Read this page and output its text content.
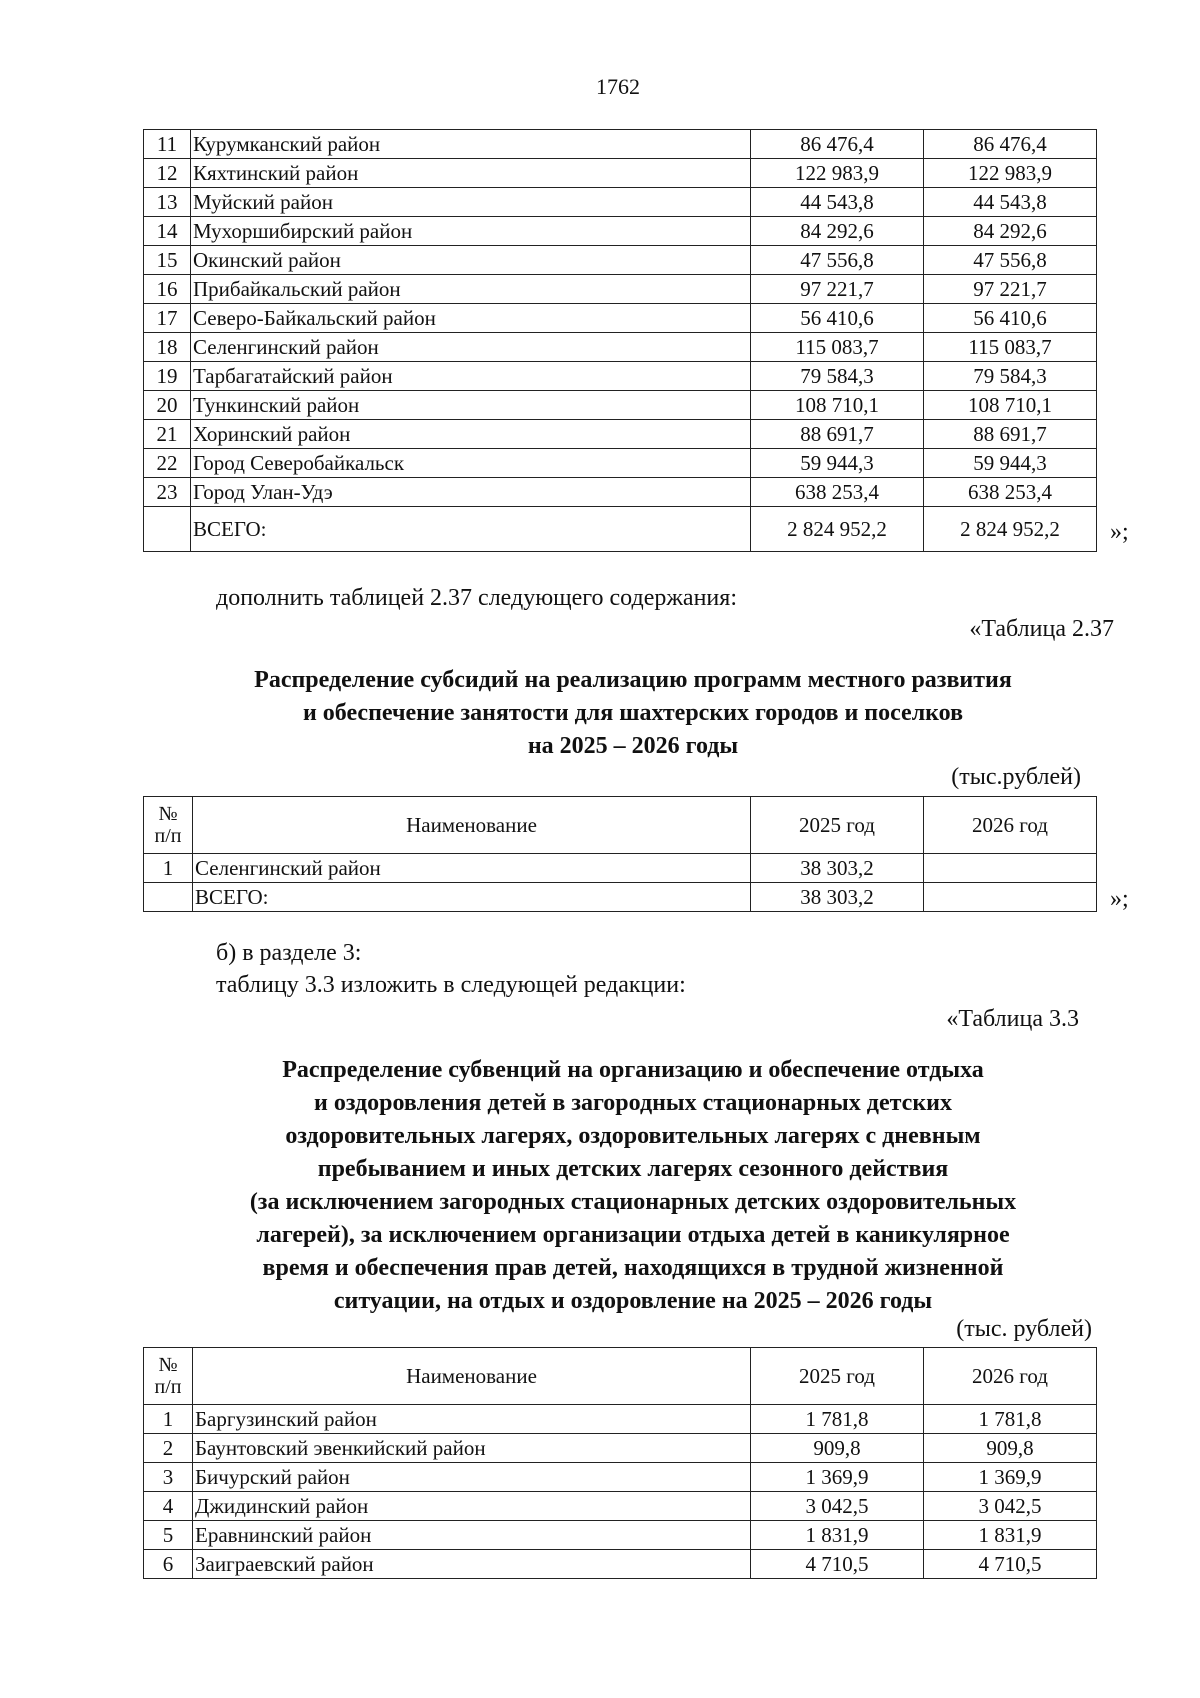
1762
11	Курумканский район	86 476,4	86 476,4
12	Кяхтинский район	122 983,9	122 983,9
13	Муйский район	44 543,8	44 543,8
14	Мухоршибирский район	84 292,6	84 292,6
15	Окинский район	47 556,8	47 556,8
16	Прибайкальский район	97 221,7	97 221,7
17	Северо-Байкальский район	56 410,6	56 410,6
18	Селенгинский район	115 083,7	115 083,7
19	Тарбагатайский район	79 584,3	79 584,3
20	Тункинский район	108 710,1	108 710,1
21	Хоринский район	88 691,7	88 691,7
22	Город Северобайкальск	59 944,3	59 944,3
23	Город Улан-Удэ	638 253,4	638 253,4
	ВСЕГО:	2 824 952,2	2 824 952,2 »;
дополнить таблицей 2.37 следующего содержания:
«Таблица 2.37
Распределение субсидий на реализацию программ местного развития
и обеспечение занятости для шахтерских городов и поселков
на 2025 – 2026 годы
(тыс.рублей)
№
п/п	Наименование	2025 год	2026 год
1	Селенгинский район	38 303,2	
	ВСЕГО:	38 303,2		»;
б) в разделе 3:
таблицу 3.3 изложить в следующей редакции:
«Таблица 3.3
Распределение субвенций на организацию и обеспечение отдыха
и оздоровления детей в загородных стационарных детских
оздоровительных лагерях, оздоровительных лагерях с дневным
пребыванием и иных детских лагерях сезонного действия
(за исключением загородных стационарных детских оздоровительных
лагерей), за исключением организации отдыха детей в каникулярное
время и обеспечения прав детей, находящихся в трудной жизненной
ситуации, на отдых и оздоровление на 2025 – 2026 годы
(тыс. рублей)
№
п/п	Наименование	2025 год	2026 год
1	Баргузинский район	1 781,8	1 781,8
2	Баунтовский эвенкийский район	909,8	909,8
3	Бичурский район	1 369,9	1 369,9
4	Джидинский район	3 042,5	3 042,5
5	Еравнинский район	1 831,9	1 831,9
6	Заиграевский район	4 710,5	4 710,5
